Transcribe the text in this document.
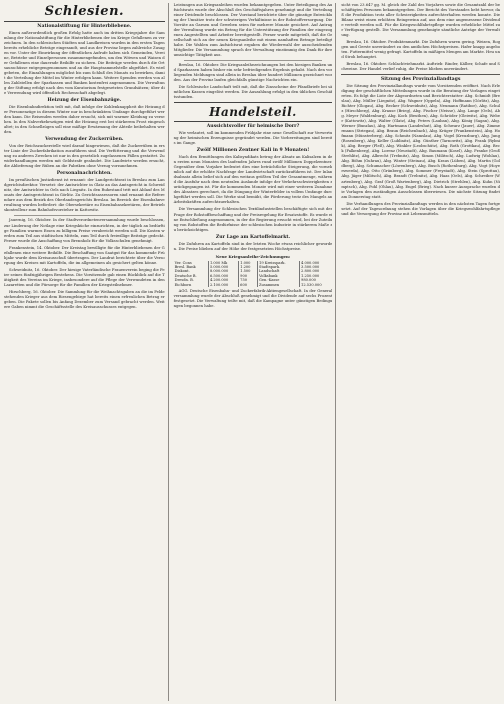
Schlesien.
Nationalstiftung für Hinterbliebene.

Einen außerordentlich großen Erfolg hatte auch im dritten Kriegsjahre die Sammlung der Nationalstiftung für die Hinterbliebenen der im Kriege Gefallenen zu verzeichnen. In den schlesischen Städten und Landkreisen wurden in den ersten Tagen bereits erhebliche Beträge eingesandt, und aus der Provinz liegen zahlreiche Zusagen vor. Unter der Einwirkung der öffentlichen Aufrufe haben sich Gemeinden, Vereine, Betriebe und Einzelpersonen zusammengefunden, um den Witwen und Waisen der Gefallenen eine dauernde Beihilfe zu sichern. Die Beiträge werden durch die Ortsausschüsse entgegengenommen und an die Hauptsammelstelle abgeführt. Es wird gebeten, die Einzahlungen möglichst bis zum Schluß des Monats zu bewirken, damit die Verteilung der Mittel im Winter erfolgen kann. Weitere Spenden werden von allen Zahlstellen der Sparkassen und Banken kostenfrei angenommen. Die Verwaltung der Stiftung erfolgt nach den vom Kuratorium festgesetzten Grundsätzen; über die Verwendung wird öffentlich Rechenschaft abgelegt.

Heizung der Eisenbahnzüge.

Die Eisenbahndirektion teilt mit, daß infolge der Kohlenknappheit die Heizung der Personenzüge in diesem Winter nur in beschränktem Umfange durchgeführt werden kann. Die Reisenden werden daher ersucht, sich mit warmer Kleidung zu versehen. In den Nahverkehrszügen wird die Heizung erst bei stärkerem Frost eingeschaltet; in den Schnellzügen soll eine mäßige Erwärmung der Abteile beibehalten werden.

Verwendung der Zuckerrüben.

Von der Reichszuckerstelle wird darauf hingewiesen, daß die Zuckerrüben in erster Linie der Zuckerfabrikation zuzuführen sind. Die Verfütterung und die Verwendung zu anderen Zwecken ist nur in den gesetzlich zugelassenen Fällen gestattet. Zuwiderhandlungen werden mit Geldstrafe geahndet. Die Landwirte werden ersucht, die Ablieferung der Rüben an die Fabriken ohne Verzug vorzunehmen.

Personalnachrichten.

Im preußischen Justizdienst ist ernannt: der Landgerichtsrat in Breslau zum Landgerichtsdirektor. Versetzt: der Amtsrichter in Glatz an das Amtsgericht in Schweidnitz, der Amtsrichter in Oels nach Liegnitz. In den Ruhestand tritt mit Ablauf des Monats der Amtsgerichtsrat in Görlitz. Zu Gerichtsassessoren sind ernannt die Referendare aus dem Bezirk des Oberlandesgerichts Breslau. Im Bereich der Eisenbahnverwaltung wurden befördert: die Obersekretäre zu Eisenbahnsekretären, der Betriebskontrolleur zum Bahnhofsvorsteher in Kattowitz.

Jauernig, 16. Oktober. In der Stadtverordnetenversammlung wurde beschlossen, zur Linderung der Notlage eine Kriegsküche einzurichten, in der täglich an bedürftige Familien warmes Essen zu billigem Preise verabreicht werden soll. Die Kosten werden zum Teil aus städtischen Mitteln, zum Teil durch freiwillige Beiträge gedeckt. Ferner wurde die Anschaffung von Brennholz für die Volksschulen genehmigt.

Frankenstein, 14. Oktober. Der Kreistag bewilligte für die Hinterbliebenen der Gefallenen eine weitere Beihilfe. Die Beschaffung von Saatgut für das kommende Frühjahr wurde dem Kreisausschuß übertragen. Der Landrat berichtete über die Versorgung des Kreises mit Kartoffeln, die im allgemeinen als gesichert gelten könne.

Schweidnitz, 16. Oktober. Der hiesige Vaterländische Frauenverein beging die Feier seines fünfzigjährigen Bestehens. Die Vorsitzende gab einen Rückblick auf die Tätigkeit des Vereins im Kriege, insbesondere auf die Pflege der Verwundeten in den Lazaretten und die Fürsorge für die Familien der Kriegsteilnehmer.

Hirschberg, 16. Oktober. Die Sammlung für die Weihnachtsgaben an die im Felde stehenden Krieger aus dem Riesengebirge hat bereits einen erfreulichen Betrag ergeben. Die Pakete sollen bis Anfang Dezember zum Versand gebracht werden. Weitere Gaben nimmt die Geschäftsstelle des Kreisausschusses entgegen.

Leistungen aus Kriegsanleihen wurden bekanntgegeben. Unter Beteiligung des Aufsichtsrats wurde der Abschluß des Geschäftsjahres genehmigt und die Verteilung einer Dividende beschlossen. Der Vorstand berichtete über die günstige Entwicklung der Umsätze trotz der schwierigen Verhältnisse in der Rohstoffversorgung. Die Vorräte an Garnen und Geweben seien für mehrere Monate gesichert. Auf Antrag der Verwaltung wurde ein Betrag für die Unterstützung der Familien der eingezogenen Angestellten und Arbeiter bereitgestellt. Ferner wurde mitgeteilt, daß die Gesellschaft sich an der neuen Kriegsanleihe mit einem namhaften Betrage beteiligt habe. Die Wahlen zum Aufsichtsrat ergaben die Wiederwahl der ausscheidenden Mitglieder. Die Versammlung sprach der Verwaltung einstimmig den Dank für ihre umsichtige Tätigkeit aus.

Breslau, 16. Oktober. Die Kriegsanleihezeichnungen bei den hiesigen Banken und Sparkassen haben bisher ein sehr befriedigendes Ergebnis gehabt. Nach den vorliegenden Meldungen sind allein in Breslau über hundert Millionen gezeichnet worden. Aus der Provinz laufen gleichfalls günstige Nachrichten ein.

Die Schlesische Landschaft teilt mit, daß die Zinsscheine der Pfandbriefe bei sämtlichen Kassen eingelöst werden. Die Auszahlung erfolgt in den üblichen Geschäftsstunden.

Handelsteil.
Aussichtsvoller für heimische Dorr?

Wie verlautet, soll im kommenden Frühjahr eine neue Gesellschaft zur Verwertung der heimischen Erzeugnisse gegründet werden. Die Vorbereitungen sind bereits im Gange.

Zwölf Millionen Zentner Kali in 9 Monaten!

Nach den Ermittlungen des Kalisyndikats betrug der Absatz an Kalisalzen in den ersten neun Monaten des laufenden Jahres rund zwölf Millionen Doppelzentner. Gegenüber dem Vorjahre bedeutet dies eine beträchtliche Steigerung, die vornehmlich auf die erhöhte Nachfrage der Landwirtschaft zurückzuführen ist. Der Inlandsabsatz allein belief sich auf den weitaus größten Teil der Gesamtmenge, während die Ausfuhr nach dem neutralen Auslande infolge der Verkehrsschwierigkeiten zurückgegangen ist. Für die kommenden Monate wird mit einer weiteren Zunahme des Absatzes gerechnet, da die Düngung der Winterfelder in vollem Umfange durchgeführt werden soll. Die Werke sind bemüht, die Förderung trotz des Mangels an Arbeitskräften aufrechtzuerhalten.

Die Versammlung der Schlesischen Textilindustriellen beschäftigte sich mit der Frage der Rohstoffbeschaffung und der Preisregelung für Ersatzstoffe. Es wurde eine Entschließung angenommen, in der die Regierung ersucht wird, bei der Zuteilung von Rohstoffen die Bedürfnisse der schlesischen Industrie in stärkerem Maße zu berücksichtigen.

Zur Lage am Kartoffelmarkt.

Die Zufuhren an Kartoffeln sind in der letzten Woche etwas reichlicher geworden. Die Preise blieben auf der Höhe der festgesetzten Höchstpreise.

Neue Kriegsanleihe-Zeichnungen:
Ver. Cons	1.000 Mk	1.000	19 Kreisspark.	4.000.000
Bresl. Bank	5.000.000	1.200	Stadtspark.	3.500.000
Diskont.	8.000.000	1.500	Landschaft	2.800.000
Deutsche B.	6.500.000	900	Volksbank	1.250.000
Dresdn. B.	4.200.000	750	Gen.-Kasse	980.000
Eichborn	2.100.000	600	Zusammen	12.530.000

AGG. Deutsche Eisenbahn- und Zuckerfabrik-Aktiengesellschaft. In der Generalversammlung wurde der Abschluß genehmigt und die Dividende auf sechs Prozent festgesetzt. Die Verwaltung teilte mit, daß die Kampagne unter günstigen Bedingungen begonnen habe.

sicht von 23.647 gg. M. gleich der Zahl des Vorjahres sowie die Gesamtzahl der beschäftigten Personen bekanntgegeben. Der Bericht des Vorstandes hebt hervor, daß die Produktion trotz aller Schwierigkeiten aufrechterhalten werden konnte. Die Bilanz weist einen erhöhten Reingewinn auf, aus dem eine angemessene Dividende verteilt werden soll. Für die Kriegswohlfahrtspflege wurden erhebliche Mittel zur Verfügung gestellt. Die Versammlung genehmigte sämtliche Anträge der Verwaltung.

Breslau, 16. Oktober. Produktenmarkt. Die Zufuhren waren gering. Weizen, Roggen und Gerste unverändert zu den amtlichen Höchstpreisen. Hafer knapp angeboten. Futtermittel wenig gefragt. Kartoffeln in mäßigen Mengen am Markte. Heu und Stroh behauptet.

Breslau, 16. Oktober. Schlachtviehmarkt. Auftrieb: Rinder, Kälber, Schafe und Schweine. Der Handel verlief ruhig, die Preise blieben unverändert.

Sitzung des Provinziallandtags

Die Sitzung des Provinziallandtags wurde vom Vorsitzenden eröffnet. Nach Erledigung der geschäftlichen Mitteilungen wurde in die Beratung der Vorlagen eingetreten. Es folgt die Liste der Abgeordneten und Berichterstatter: Abg. Schmidt (Breslau), Abg. Müller (Liegnitz), Abg. Wagner (Oppeln), Abg. Hoffmann (Görlitz), Abg. Richter (Glogau), Abg. Becker (Schweidnitz), Abg. Neumann (Ratibor), Abg. Schulz (Hirschberg), Abg. Krause (Brieg), Abg. Fischer (Neisse), Abg. Lange (Oels), Abg. Meyer (Waldenburg), Abg. Koch (Beuthen), Abg. Schröder (Gleiwitz), Abg. Weber (Kattowitz), Abg. Walter (Glatz), Abg. Peters (Lauban), Abg. König (Sagan), Abg. Werner (Bunzlau), Abg. Hartmann (Landeshut), Abg. Schwarz (Jauer), Abg. Zimmermann (Striegau), Abg. Braun (Reichenbach), Abg. Krüger (Frankenstein), Abg. Hofmann (Münsterberg), Abg. Schmitz (Namslau), Abg. Vogel (Kreuzburg), Abg. Jung (Rosenberg), Abg. Keller (Lublinitz), Abg. Günther (Tarnowitz), Abg. Frank (Rybnik), Abg. Berger (Pleß), Abg. Winkler (Leobschütz), Abg. Roth (Grottkau), Abg. Beck (Falkenberg), Abg. Lorenz (Neustadt), Abg. Baumann (Kosel), Abg. Franke (Groß Strehlitz), Abg. Albrecht (Trebnitz), Abg. Simon (Militsch), Abg. Ludwig (Wohlau), Abg. Böhm (Guhrau), Abg. Winter (Steinau), Abg. Kraus (Lüben), Abg. Martin (Goldberg), Abg. Schumacher (Löwenberg), Abg. Busch (Rothenburg), Abg. Vogt (Hoyerswerda), Abg. Otto (Grünberg), Abg. Sommer (Freystadt), Abg. Stein (Sprottau), Abg. Jäger (Militsch), Abg. Brandt (Trebnitz), Abg. Haas (Oels), Abg. Schreiber (Wartenberg), Abg. Graf (Groß Wartenberg), Abg. Dietrich (Strehlen), Abg. Kuhn (Nimptsch), Abg. Pohl (Ohlau), Abg. Engel (Brieg). Nach kurzer Aussprache wurden die Vorlagen den zuständigen Ausschüssen überwiesen. Die nächste Sitzung findet am Donnerstag statt.

Die Verhandlungen des Provinziallandtags werden in den nächsten Tagen fortgesetzt. Auf der Tagesordnung stehen die Vorlagen über die Kriegswohlfahrtspflege und die Versorgung der Provinz mit Lebensmitteln.
